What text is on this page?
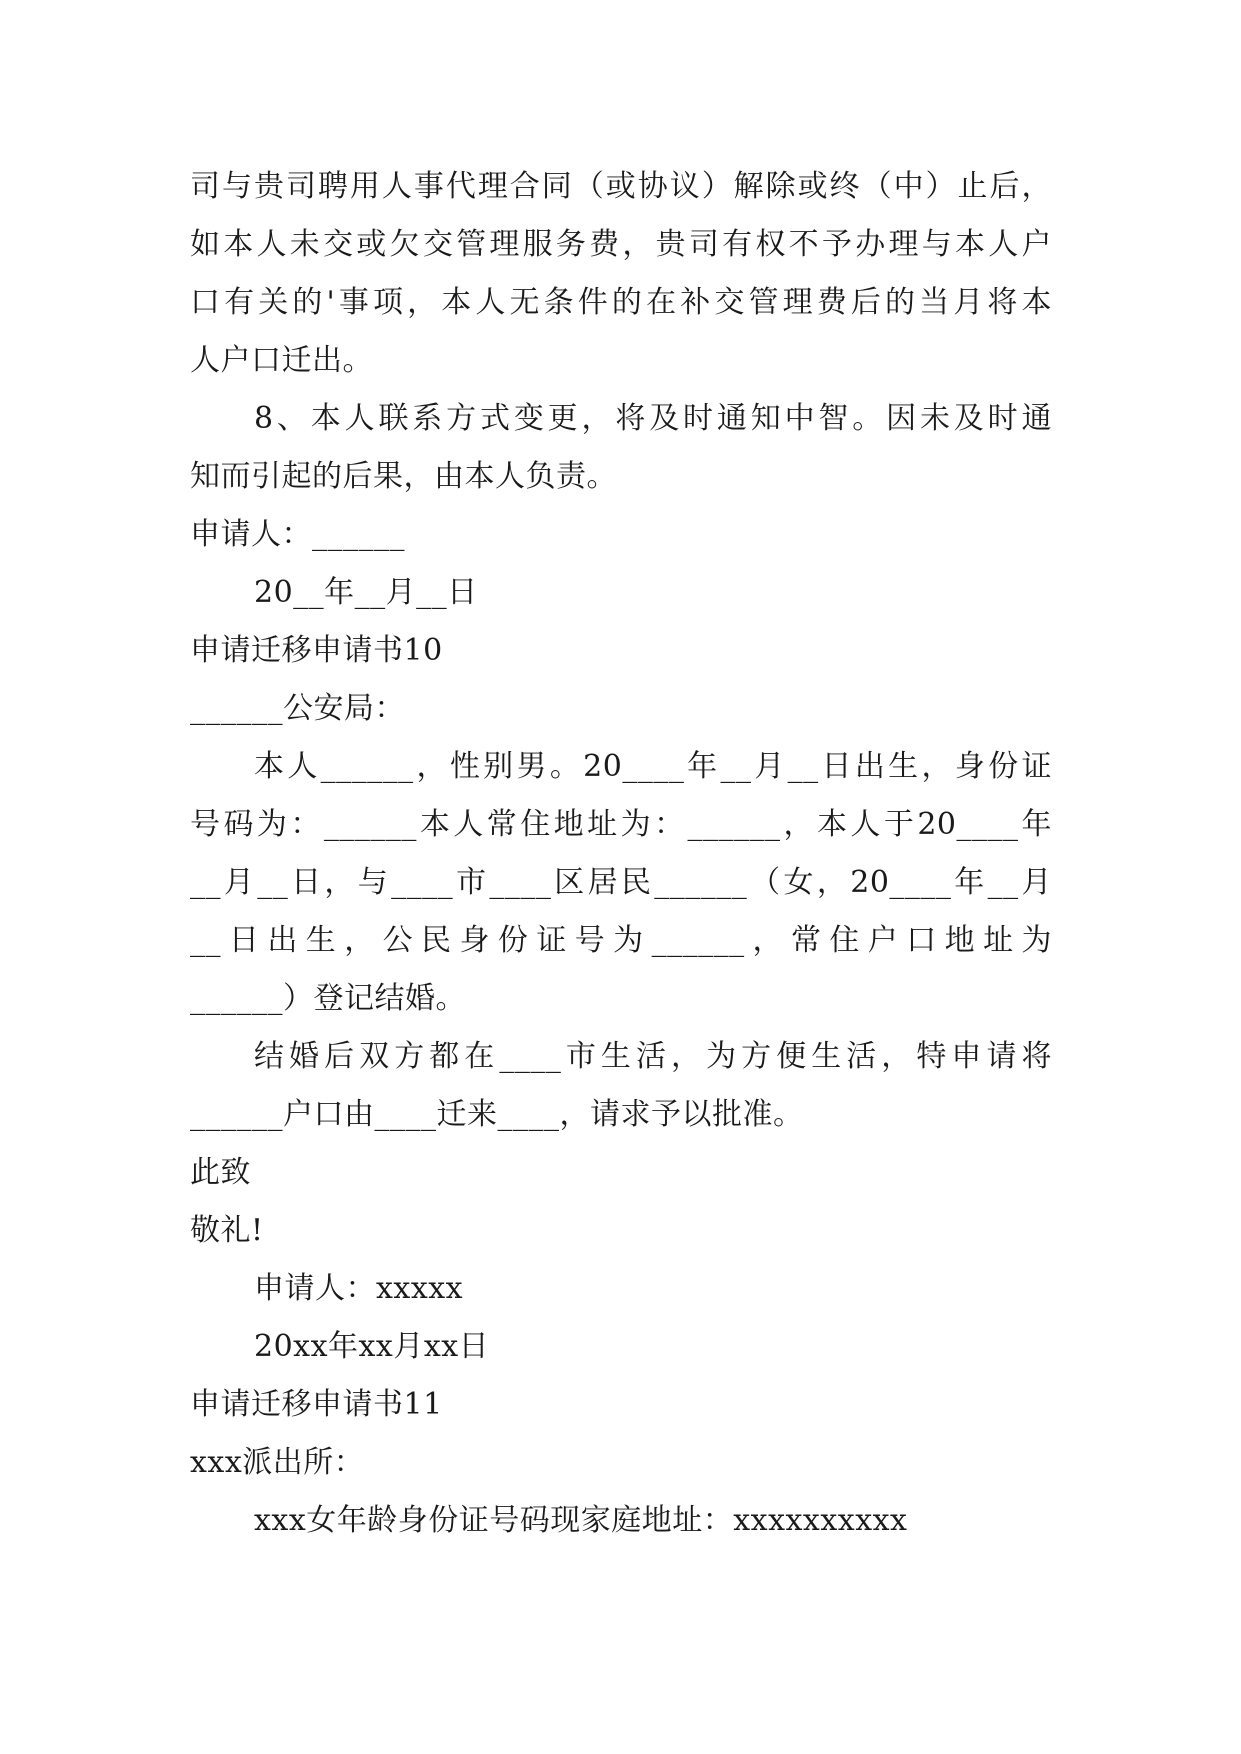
司与贵司聘用人事代理合同（或协议）解除或终（中）止后，
如本人未交或欠交管理服务费，贵司有权不予办理与本人户
口有关的'事项，本人无条件的在补交管理费后的当月将本
人户口迁出。
8、本人联系方式变更，将及时通知中智。因未及时通
知而引起的后果，由本人负责。
申请人：______
20__年__月__日
申请迁移申请书10
______公安局：
本人______，性别男。20____年__月__日出生，身份证
号码为：______本人常住地址为：______，本人于20____年
__月__日，与____市____区居民______（女，20____年__月
__日出生，公民身份证号为______，常住户口地址为
______）登记结婚。
结婚后双方都在____市生活，为方便生活，特申请将
______户口由____迁来____，请求予以批准。
此致
敬礼!
申请人：xxxxx
20xx年xx月xx日
申请迁移申请书11
xxx派出所：
xxx女年龄身份证号码现家庭地址：xxxxxxxxxx
